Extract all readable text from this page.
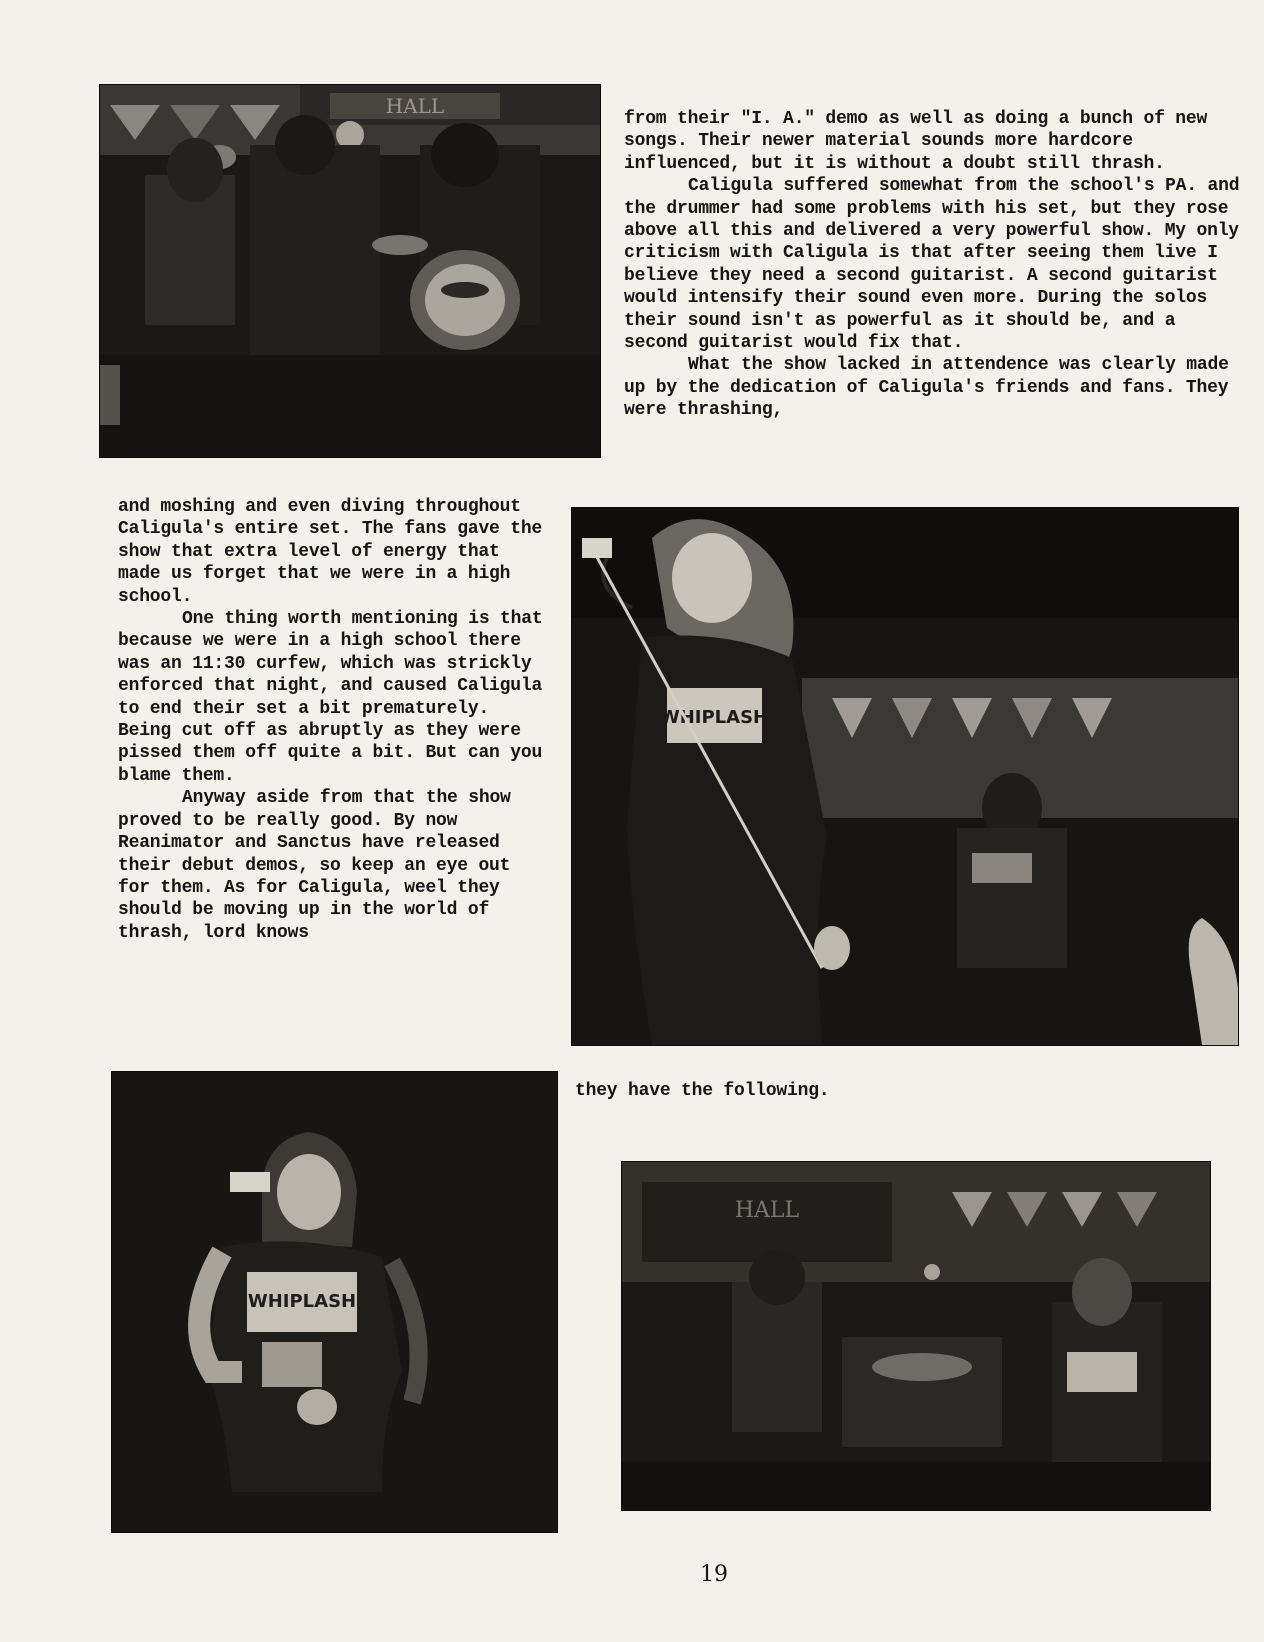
HALL

from their "I. A." demo as well as doing a bunch of new songs. Their newer material sounds more hardcore influenced, but it is without a doubt still thrash.

Caligula suffered somewhat from the school's PA. and the drummer had some problems with his set, but they rose above all this and delivered a very powerful show. My only criticism with Caligula is that after seeing them live I believe they need a second guitarist. A second guitarist would intensify their sound even more. During the solos their sound isn't as powerful as it should be, and a second guitarist would fix that.

What the show lacked in attendence was clearly made up by the dedication of Caligula's friends and fans. They were thrashing,

and moshing and even diving throughout Caligula's entire set. The fans gave the show that extra level of energy that made us forget that we were in a high school.

One thing worth mentioning is that because we were in a high school there was an 11:30 curfew, which was strickly enforced that night, and caused Caligula to end their set a bit prematurely. Being cut off as abruptly as they were pissed them off quite a bit. But can you blame them.

Anyway aside from that the show proved to be really good. By now Reanimator and Sanctus have released their debut demos, so keep an eye out for them. As for Caligula, weel they should be moving up in the world of thrash, lord knows

WHIPLASH

they have the following.

WHIPLASH
HALL
19
